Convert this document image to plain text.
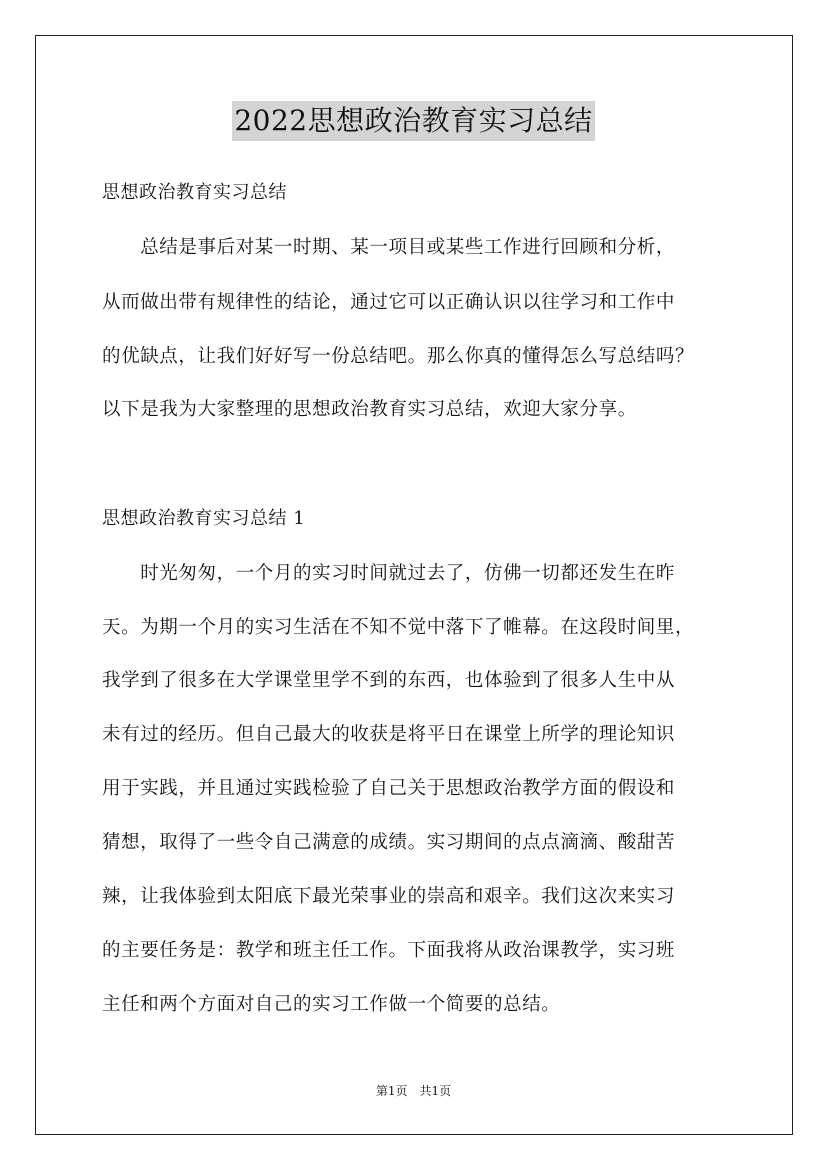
2022思想政治教育实习总结
思想政治教育实习总结
　　总结是事后对某一时期、某一项目或某些工作进行回顾和分析，
从而做出带有规律性的结论，通过它可以正确认识以往学习和工作中
的优缺点，让我们好好写一份总结吧。那么你真的懂得怎么写总结吗？
以下是我为大家整理的思想政治教育实习总结，欢迎大家分享。
思想政治教育实习总结 1
　　时光匆匆，一个月的实习时间就过去了，仿佛一切都还发生在昨
天。为期一个月的实习生活在不知不觉中落下了帷幕。在这段时间里，
我学到了很多在大学课堂里学不到的东西，也体验到了很多人生中从
未有过的经历。但自己最大的收获是将平日在课堂上所学的理论知识
用于实践，并且通过实践检验了自己关于思想政治教学方面的假设和
猜想，取得了一些令自己满意的成绩。实习期间的点点滴滴、酸甜苦
辣，让我体验到太阳底下最光荣事业的崇高和艰辛。我们这次来实习
的主要任务是：教学和班主任工作。下面我将从政治课教学，实习班
主任和两个方面对自己的实习工作做一个简要的总结。
第1页　共1页
